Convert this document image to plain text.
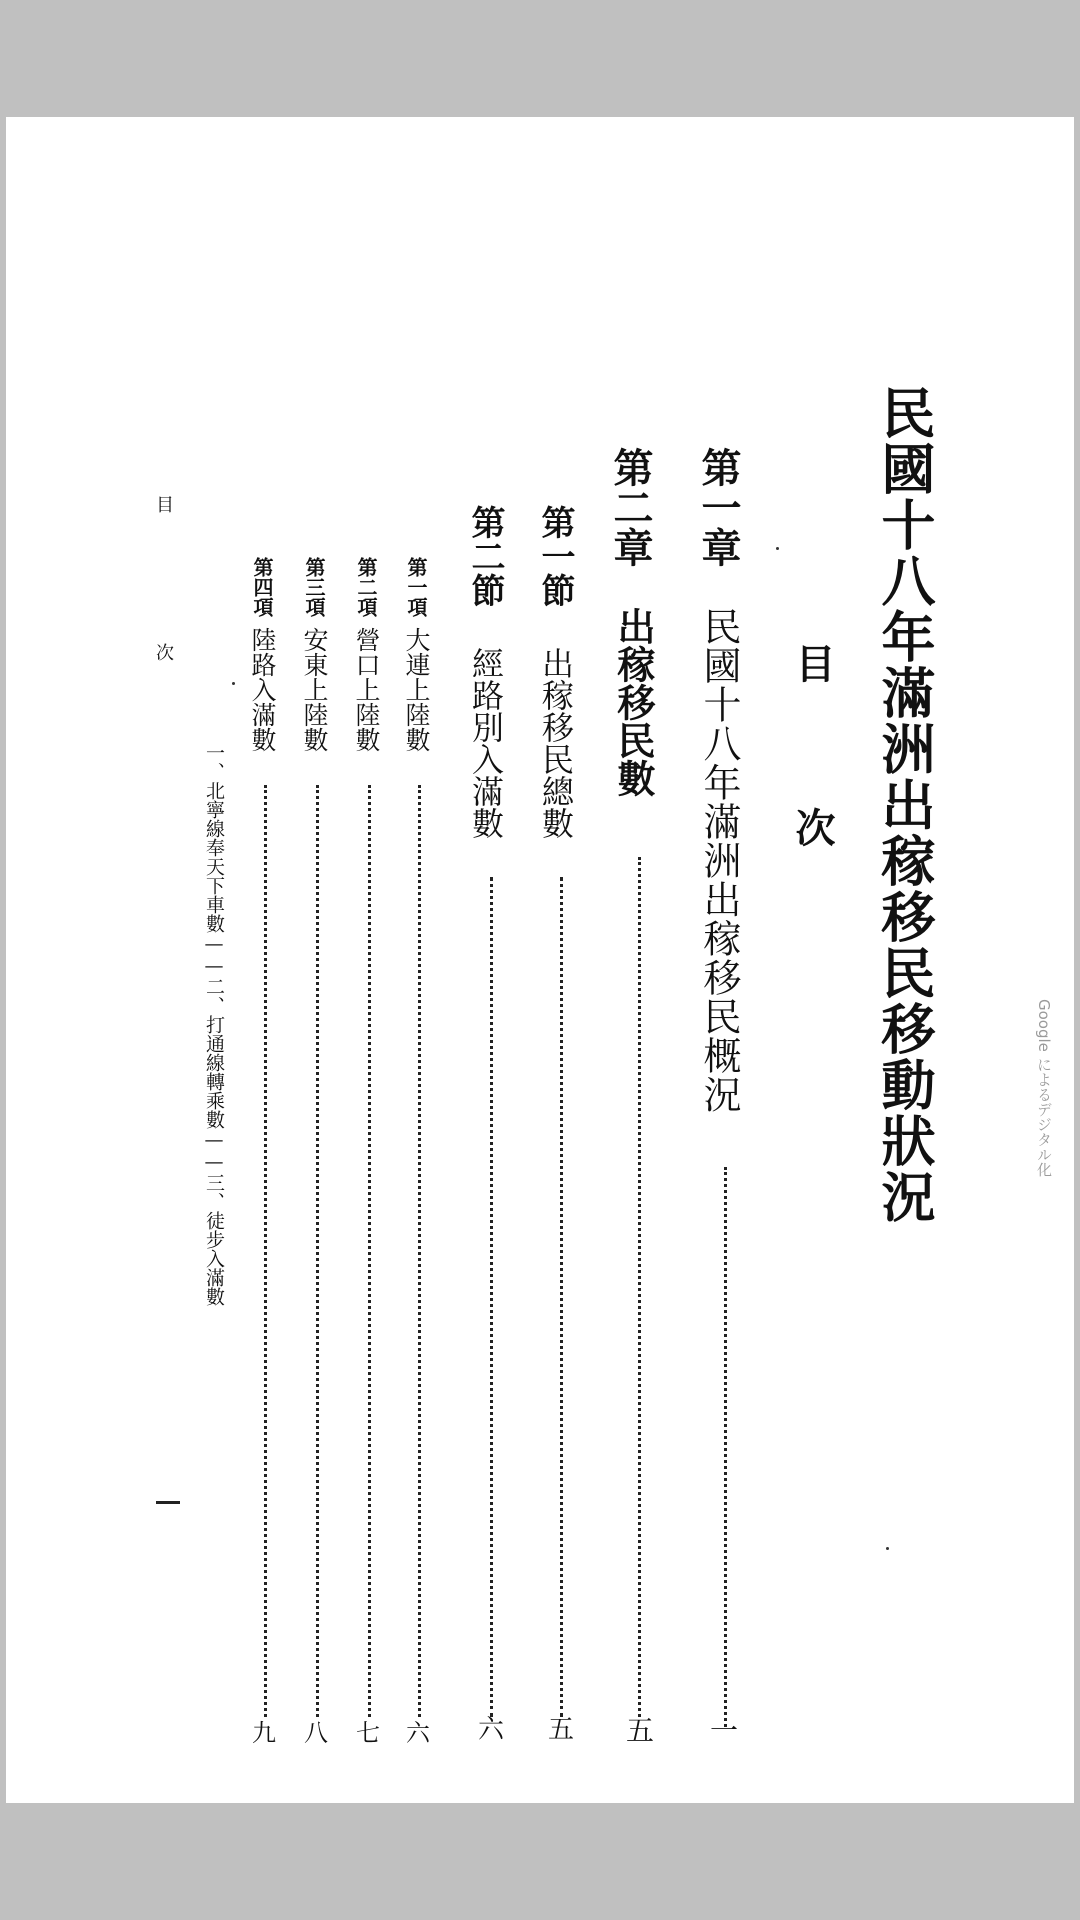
民國十八年滿洲出稼移民移動狀況
目
次
第一章
民國十八年滿洲出稼移民概況
一
第二章
出稼移民數
五
第一節
出稼移民總數
五
第二節
經路別入滿數
六
第一項
大連上陸數
六
第二項
營口上陸數
七
第三項
安東上陸數
八
第四項
陸路入滿數
九
一、北寧線奉天下車數——二、打通線轉乘數——三、徒步入滿數
目
次
Google によるデジタル化
